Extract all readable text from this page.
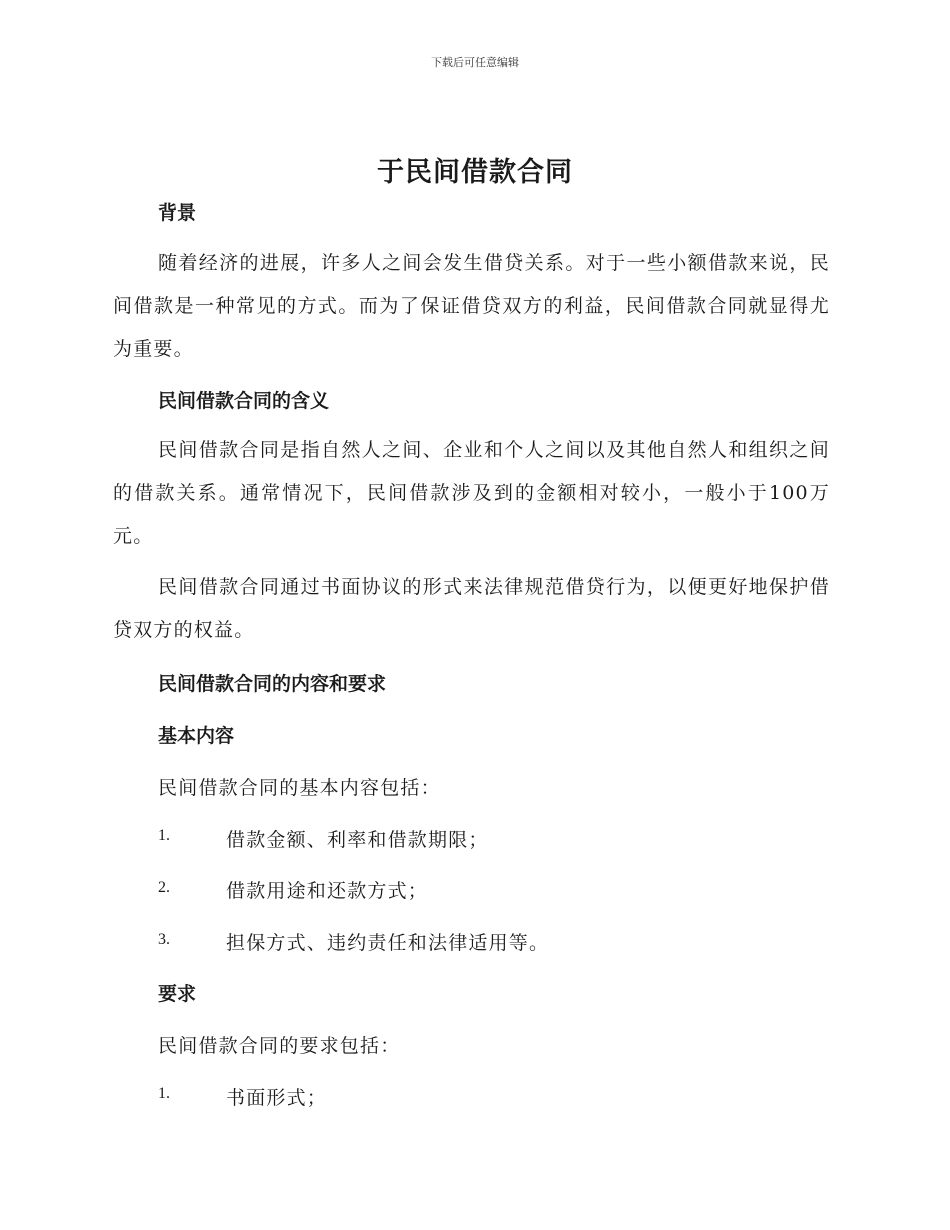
下载后可任意编辑
于民间借款合同
背景
随着经济的进展，许多人之间会发生借贷关系。对于一些小额借款来说，民间借款是一种常见的方式。而为了保证借贷双方的利益，民间借款合同就显得尤为重要。
民间借款合同的含义
民间借款合同是指自然人之间、企业和个人之间以及其他自然人和组织之间的借款关系。通常情况下，民间借款涉及到的金额相对较小，一般小于100万元。
民间借款合同通过书面协议的形式来法律规范借贷行为，以便更好地保护借贷双方的权益。
民间借款合同的内容和要求
基本内容
民间借款合同的基本内容包括：
1.	借款金额、利率和借款期限；
2.	借款用途和还款方式；
3.	担保方式、违约责任和法律适用等。
要求
民间借款合同的要求包括：
1.	书面形式；
